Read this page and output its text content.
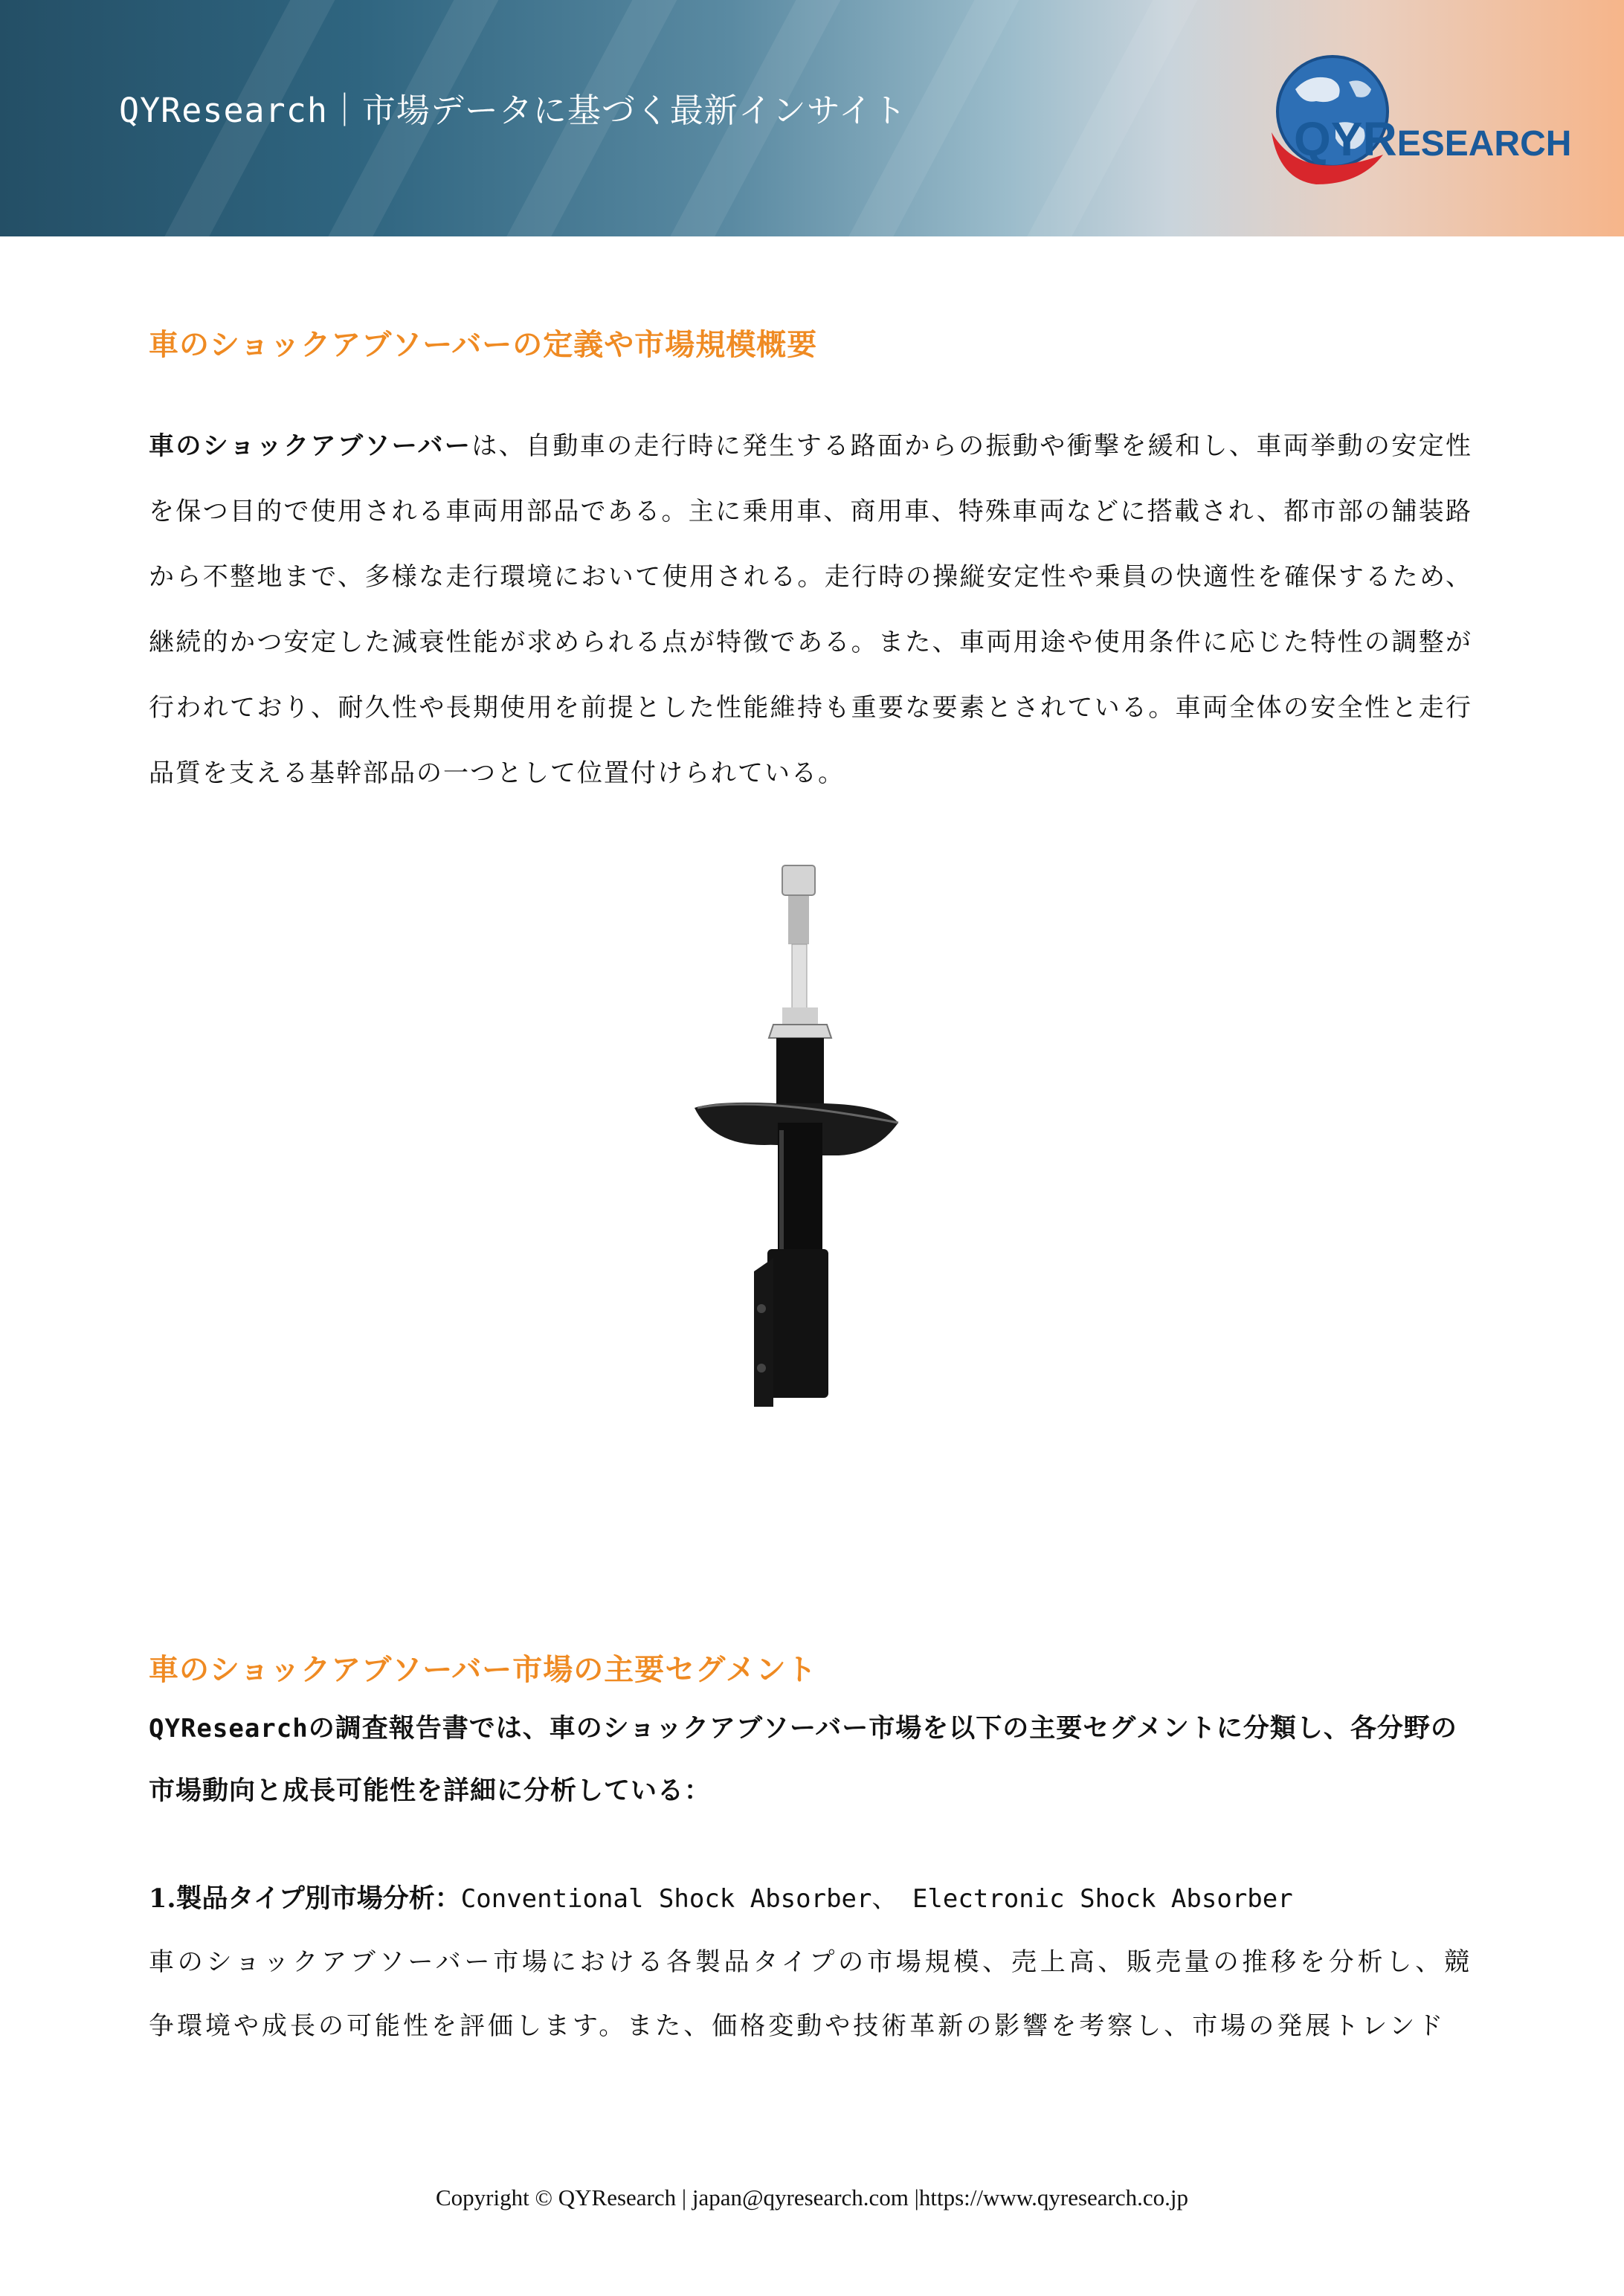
QYResearch｜市場データに基づく最新インサイト
QYRESEARCH
車のショックアブソーバーの定義や市場規模概要
車のショックアブソーバーは、自動車の走行時に発生する路面からの振動や衝撃を緩和し、車両挙動の安定性を保つ目的で使用される車両用部品である。主に乗用車、商用車、特殊車両などに搭載され、都市部の舗装路から不整地まで、多様な走行環境において使用される。走行時の操縦安定性や乗員の快適性を確保するため、継続的かつ安定した減衰性能が求められる点が特徴である。また、車両用途や使用条件に応じた特性の調整が行われており、耐久性や長期使用を前提とした性能維持も重要な要素とされている。車両全体の安全性と走行品質を支える基幹部品の一つとして位置付けられている。
車のショックアブソーバー市場の主要セグメント
QYResearchの調査報告書では、車のショックアブソーバー市場を以下の主要セグメントに分類し、各分野の市場動向と成長可能性を詳細に分析している：
1.製品タイプ別市場分析：Conventional Shock Absorber、 Electronic Shock Absorber
車のショックアブソーバー市場における各製品タイプの市場規模、売上高、販売量の推移を分析し、競争環境や成長の可能性を評価します。また、価格変動や技術革新の影響を考察し、市場の発展トレンド
Copyright © QYResearch | japan@qyresearch.com |https://www.qyresearch.co.jp
